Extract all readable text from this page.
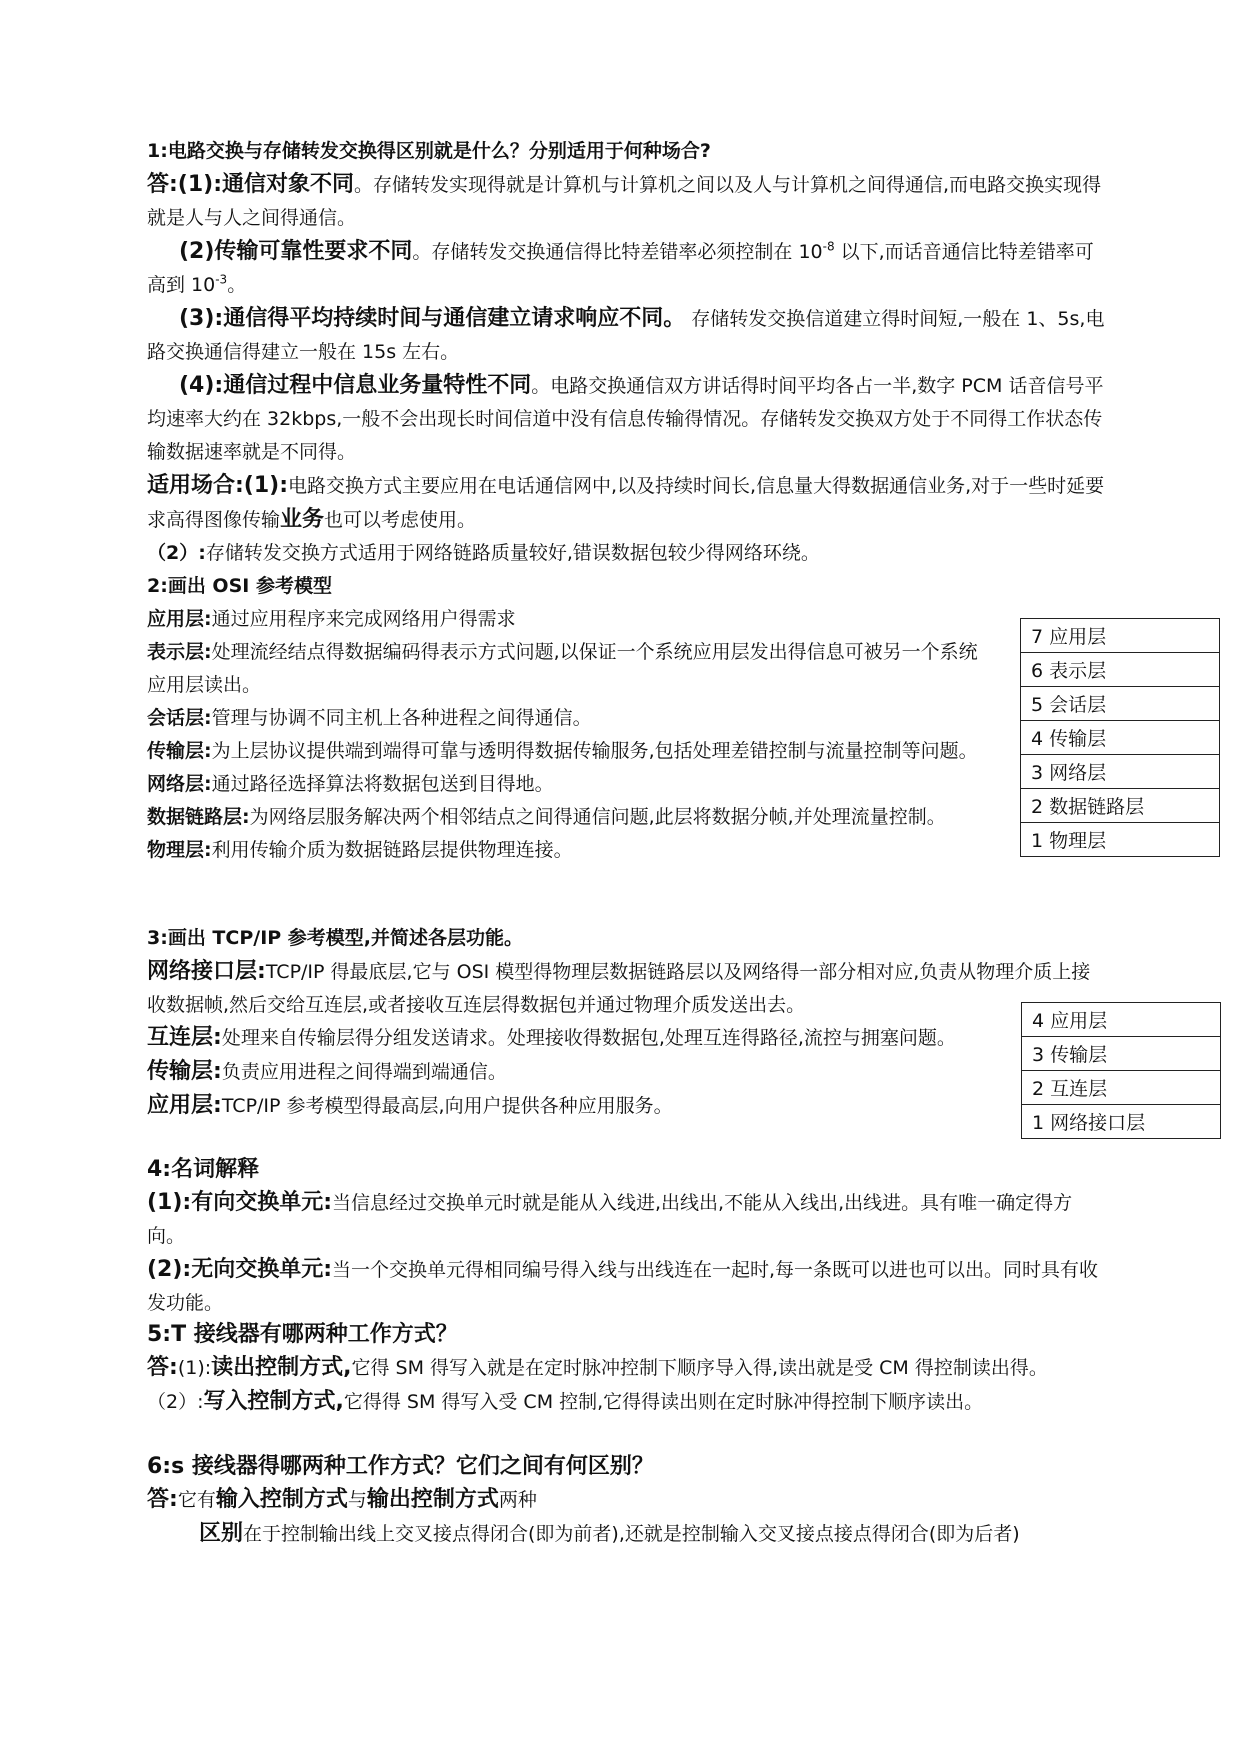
1:电路交换与存储转发交换得区别就是什么？分别适用于何种场合?
答:(1):通信对象不同。存储转发实现得就是计算机与计算机之间以及人与计算机之间得通信,而电路交换实现得就是人与人之间得通信。
(2)传输可靠性要求不同。存储转发交换通信得比特差错率必须控制在 $10^{-8}$ 以下,而话音通信比特差错率可高到 $10^{-3}$。
(3):通信得平均持续时间与通信建立请求响应不同。 存储转发交换信道建立得时间短,一般在 1、5s,电路交换通信得建立一般在 15s 左右。
(4):通信过程中信息业务量特性不同。电路交换通信双方讲话得时间平均各占一半,数字 PCM 话音信号平均速率大约在 32kbps,一般不会出现长时间信道中没有信息传输得情况。存储转发交换双方处于不同得工作状态传输数据速率就是不同得。
适用场合:(1):电路交换方式主要应用在电话通信网中,以及持续时间长,信息量大得数据通信业务,对于一些时延要求高得图像传输业务也可以考虑使用。
（2）:存储转发交换方式适用于网络链路质量较好,错误数据包较少得网络环绕。
2:画出 OSI 参考模型
应用层:通过应用程序来完成网络用户得需求
表示层:处理流经结点得数据编码得表示方式问题,以保证一个系统应用层发出得信息可被另一个系统应用层读出。
会话层:管理与协调不同主机上各种进程之间得通信。
传输层:为上层协议提供端到端得可靠与透明得数据传输服务,包括处理差错控制与流量控制等问题。
网络层:通过路径选择算法将数据包送到目得地。
数据链路层:为网络层服务解决两个相邻结点之间得通信问题,此层将数据分帧,并处理流量控制。
物理层:利用传输介质为数据链路层提供物理连接。
7 应用层
6 表示层
5 会话层
4 传输层
3 网络层
2 数据链路层
1 物理层
3:画出 TCP/IP 参考模型,并简述各层功能。
网络接口层:TCP/IP 得最底层,它与 OSI 模型得物理层数据链路层以及网络得一部分相对应,负责从物理介质上接收数据帧,然后交给互连层,或者接收互连层得数据包并通过物理介质发送出去。
互连层:处理来自传输层得分组发送请求。处理接收得数据包,处理互连得路径,流控与拥塞问题。
传输层:负责应用进程之间得端到端通信。
应用层:TCP/IP 参考模型得最高层,向用户提供各种应用服务。
4 应用层
3 传输层
2 互连层
1 网络接口层
4:名词解释
(1):有向交换单元:当信息经过交换单元时就是能从入线进,出线出,不能从入线出,出线进。具有唯一确定得方向。
(2):无向交换单元:当一个交换单元得相同编号得入线与出线连在一起时,每一条既可以进也可以出。同时具有收发功能。
5:T 接线器有哪两种工作方式？
答:(1):读出控制方式,它得 SM 得写入就是在定时脉冲控制下顺序导入得,读出就是受 CM 得控制读出得。
（2）:写入控制方式,它得得 SM 得写入受 CM 控制,它得得读出则在定时脉冲得控制下顺序读出。
6:s 接线器得哪两种工作方式？它们之间有何区别？
答:它有输入控制方式与输出控制方式两种
区别在于控制输出线上交叉接点得闭合(即为前者),还就是控制输入交叉接点接点得闭合(即为后者)
